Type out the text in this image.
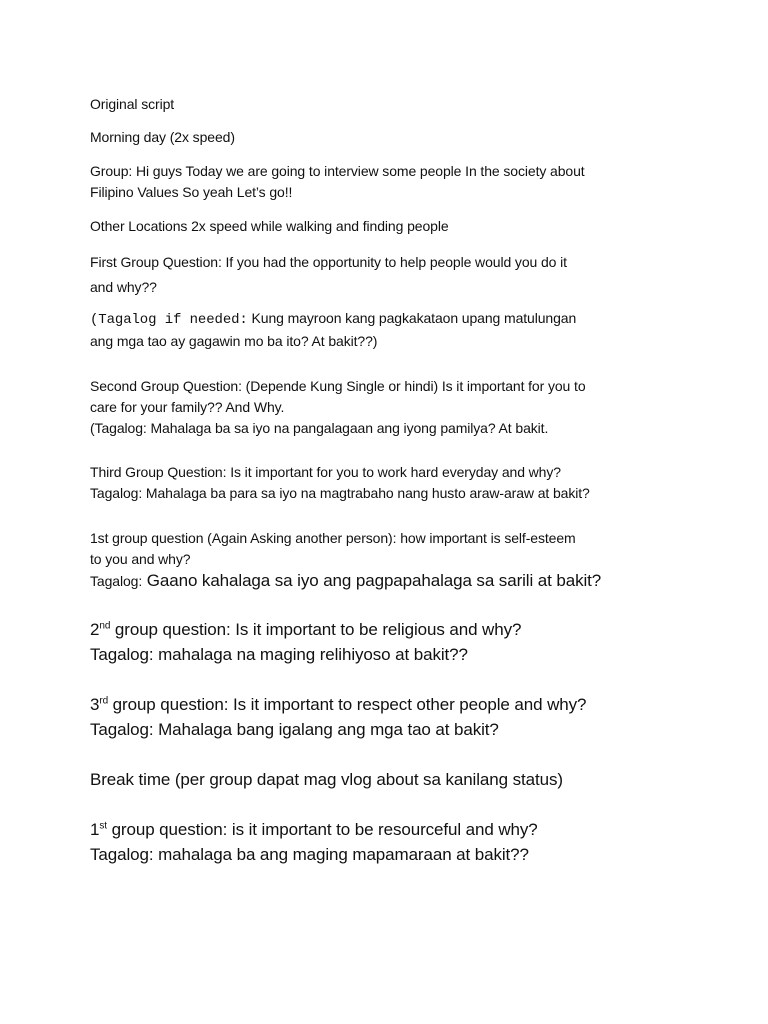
Original script

Morning day (2x speed)

Group: Hi guys Today we are going to interview some people In the society about

Filipino Values So yeah Let’s go!!

Other Locations 2x speed while walking and finding people

First Group Question: If you had the opportunity to help people would you do it

and why??

(Tagalog if needed: Kung mayroon kang pagkakataon upang matulungan

ang mga tao ay gagawin mo ba ito? At bakit??)

Second Group Question: (Depende Kung Single or hindi) Is it important for you to

care for your family?? And Why.

(Tagalog: Mahalaga ba sa iyo na pangalagaan ang iyong pamilya? At bakit.

Third Group Question: Is it important for you to work hard everyday and why?

Tagalog: Mahalaga ba para sa iyo na magtrabaho nang husto araw-araw at bakit?

1st group question (Again Asking another person): how important is self-esteem

to you and why?

Tagalog: Gaano kahalaga sa iyo ang pagpapahalaga sa sarili at bakit?

2nd group question: Is it important to be religious and why?

Tagalog: mahalaga na maging relihiyoso at bakit??

3rd group question: Is it important to respect other people and why?

Tagalog: Mahalaga bang igalang ang mga tao at bakit?

Break time (per group dapat mag vlog about sa kanilang status)

1st group question: is it important to be resourceful and why?

Tagalog: mahalaga ba ang maging mapamaraan at bakit??
